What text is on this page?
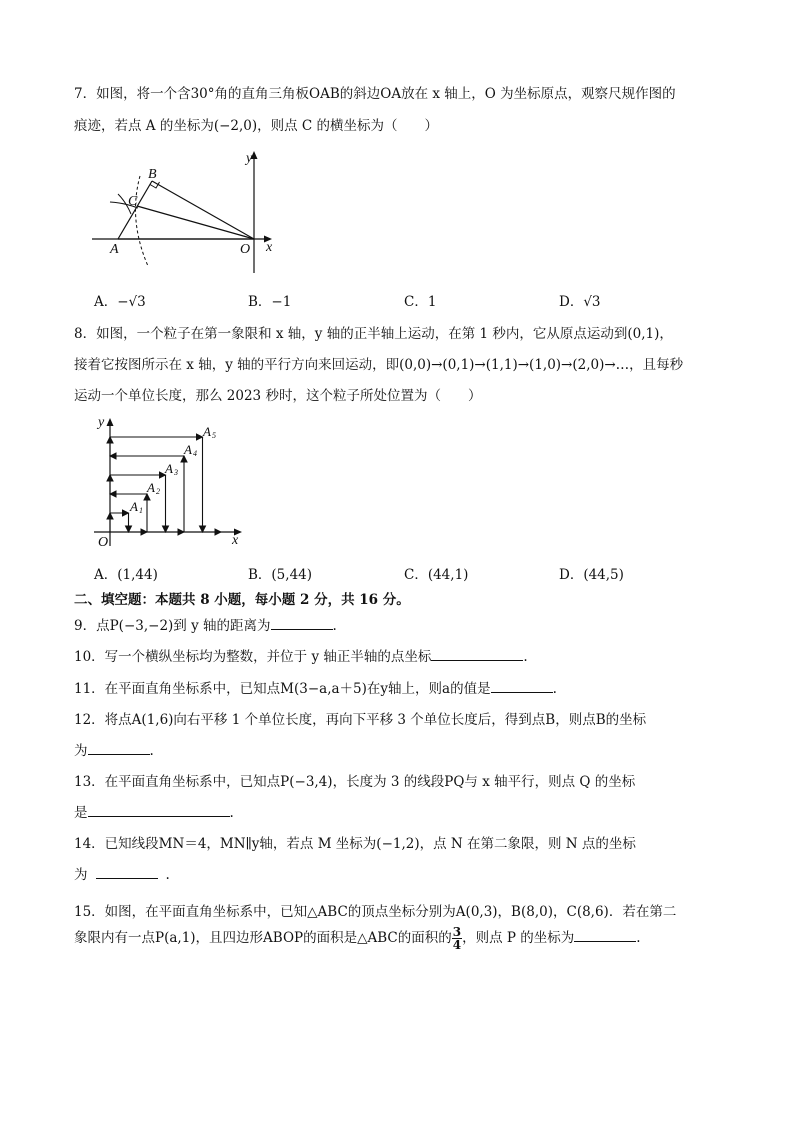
7．如图，将一个含30°角的直角三角板OAB的斜边OA放在 x 轴上，O 为坐标原点，观察尺规作图的
痕迹，若点 A 的坐标为(−2,0)，则点 C 的横坐标为（　　）
y
x
B
C
A	O
A．−√3	B．−1	C．1	D．√3
8．如图，一个粒子在第一象限和 x 轴，y 轴的正半轴上运动，在第 1 秒内，它从原点运动到(0,1)，
接着它按图所示在 x 轴，y 轴的平行方向来回运动，即(0,0)→(0,1)→(1,1)→(1,0)→(2,0)→…，且每秒
运动一个单位长度，那么 2023 秒时，这个粒子所处位置为（　　）
y
x
O
A 1
A 2
A 3
A 4
A 5
A．(1,44)	B．(5,44)	C．(44,1)	D．(44,5)
二、填空题：本题共 8 小题，每小题 2 分，共 16 分。
9．点P(−3,−2)到 y 轴的距离为	.
10．写一个横纵坐标均为整数，并位于 y 轴正半轴的点坐标	.
11．在平面直角坐标系中，已知点M(3−a,a＋5)在y轴上，则a的值是	.
12．将点A(1,6)向右平移 1 个单位长度，再向下平移 3 个单位长度后，得到点B，则点B的坐标
为	.
13．在平面直角坐标系中，已知点P(−3,4)，长度为 3 的线段PQ与 x 轴平行，则点 Q 的坐标
是	.
14．已知线段MN＝4，MN∥y轴，若点 M 坐标为(−1,2)，点 N 在第二象限，则 N 点的坐标
为	.
15．如图，在平面直角坐标系中，已知△ABC的顶点坐标分别为A(0,3)，B(8,0)，C(8,6)．若在第二
象限内有一点P(a,1)，且四边形ABOP的面积是△ABC的面积的 $\frac{3}{4}$ ，则点 P 的坐标为	.
